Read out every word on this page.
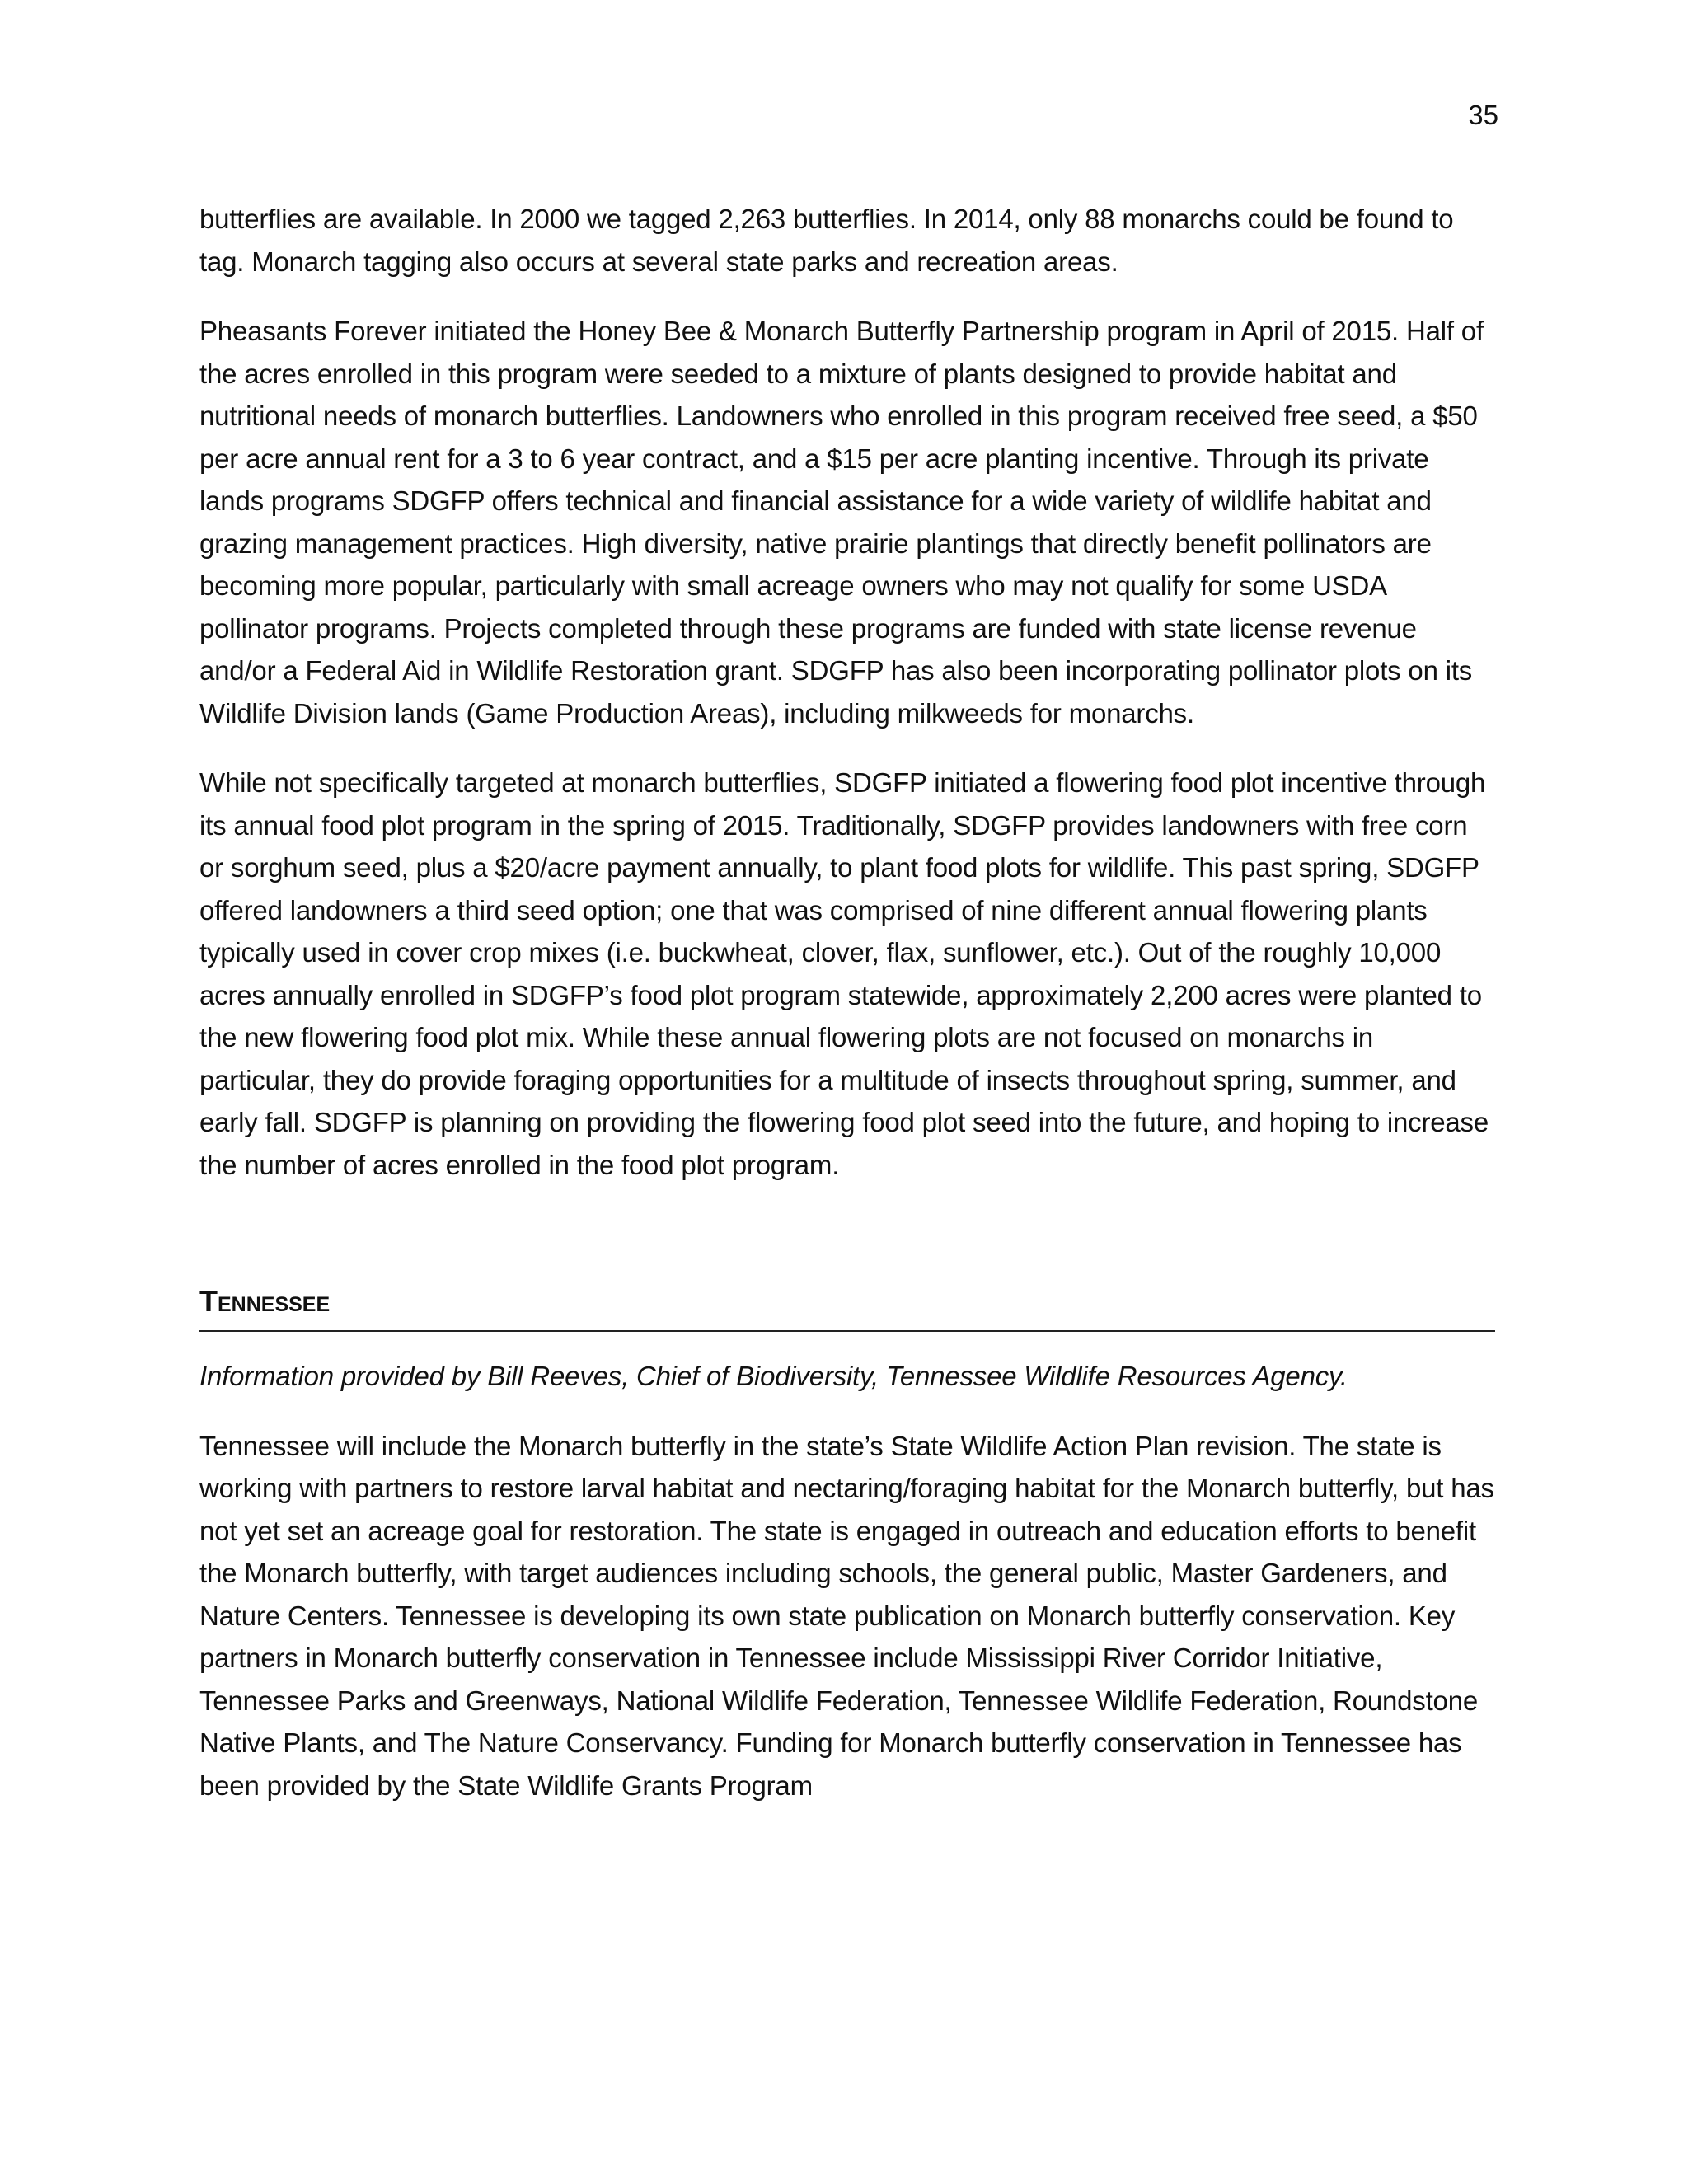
35

butterflies are available. In 2000 we tagged 2,263 butterflies. In 2014, only 88 monarchs could be found to tag. Monarch tagging also occurs at several state parks and recreation areas.

Pheasants Forever initiated the Honey Bee & Monarch Butterfly Partnership program in April of 2015. Half of the acres enrolled in this program were seeded to a mixture of plants designed to provide habitat and nutritional needs of monarch butterflies. Landowners who enrolled in this program received free seed, a $50 per acre annual rent for a 3 to 6 year contract, and a $15 per acre planting incentive. Through its private lands programs SDGFP offers technical and financial assistance for a wide variety of wildlife habitat and grazing management practices. High diversity, native prairie plantings that directly benefit pollinators are becoming more popular, particularly with small acreage owners who may not qualify for some USDA pollinator programs. Projects completed through these programs are funded with state license revenue and/or a Federal Aid in Wildlife Restoration grant. SDGFP has also been incorporating pollinator plots on its Wildlife Division lands (Game Production Areas), including milkweeds for monarchs.

While not specifically targeted at monarch butterflies, SDGFP initiated a flowering food plot incentive through its annual food plot program in the spring of 2015. Traditionally, SDGFP provides landowners with free corn or sorghum seed, plus a $20/acre payment annually, to plant food plots for wildlife. This past spring, SDGFP offered landowners a third seed option; one that was comprised of nine different annual flowering plants typically used in cover crop mixes (i.e. buckwheat, clover, flax, sunflower, etc.). Out of the roughly 10,000 acres annually enrolled in SDGFP’s food plot program statewide, approximately 2,200 acres were planted to the new flowering food plot mix. While these annual flowering plots are not focused on monarchs in particular, they do provide foraging opportunities for a multitude of insects throughout spring, summer, and early fall. SDGFP is planning on providing the flowering food plot seed into the future, and hoping to increase the number of acres enrolled in the food plot program.

Tennessee

Information provided by Bill Reeves, Chief of Biodiversity, Tennessee Wildlife Resources Agency.

Tennessee will include the Monarch butterfly in the state’s State Wildlife Action Plan revision. The state is working with partners to restore larval habitat and nectaring/foraging habitat for the Monarch butterfly, but has not yet set an acreage goal for restoration. The state is engaged in outreach and education efforts to benefit the Monarch butterfly, with target audiences including schools, the general public, Master Gardeners, and Nature Centers. Tennessee is developing its own state publication on Monarch butterfly conservation. Key partners in Monarch butterfly conservation in Tennessee include Mississippi River Corridor Initiative, Tennessee Parks and Greenways, National Wildlife Federation, Tennessee Wildlife Federation, Roundstone Native Plants, and The Nature Conservancy. Funding for Monarch butterfly conservation in Tennessee has been provided by the State Wildlife Grants Program
